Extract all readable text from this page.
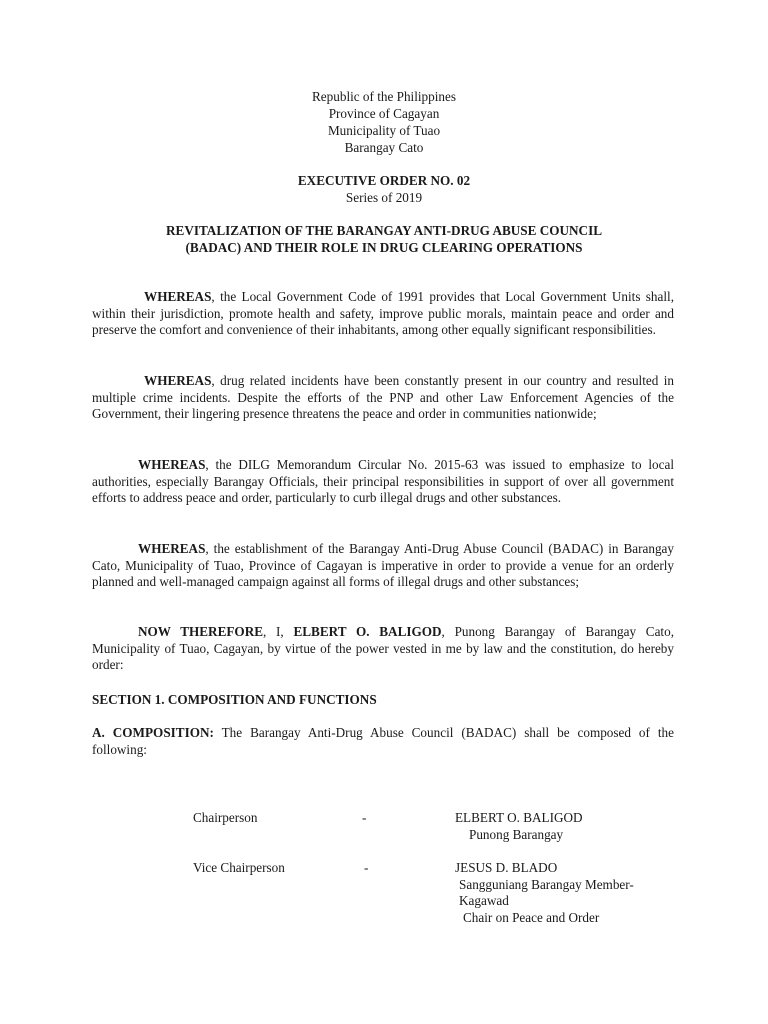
Republic of the Philippines
Province of Cagayan
Municipality of Tuao
Barangay Cato
EXECUTIVE ORDER NO. 02
Series of 2019
REVITALIZATION OF THE BARANGAY ANTI-DRUG ABUSE COUNCIL
(BADAC) AND THEIR ROLE IN DRUG CLEARING OPERATIONS

WHEREAS, the Local Government Code of 1991 provides that Local Government Units shall, within their jurisdiction, promote health and safety, improve public morals, maintain peace and order and preserve the comfort and convenience of their inhabitants, among other equally significant responsibilities.

WHEREAS, drug related incidents have been constantly present in our country and resulted in multiple crime incidents. Despite the efforts of the PNP and other Law Enforcement Agencies of the Government, their lingering presence threatens the peace and order in communities nationwide;

WHEREAS, the DILG Memorandum Circular No. 2015-63 was issued to emphasize to local authorities, especially Barangay Officials, their principal responsibilities in support of over all government efforts to address peace and order, particularly to curb illegal drugs and other substances.

WHEREAS, the establishment of the Barangay Anti-Drug Abuse Council (BADAC) in Barangay Cato, Municipality of Tuao, Province of Cagayan is imperative in order to provide a venue for an orderly planned and well-managed campaign against all forms of illegal drugs and other substances;

NOW THEREFORE, I, ELBERT O. BALIGOD, Punong Barangay of Barangay Cato, Municipality of Tuao, Cagayan, by virtue of the power vested in me by law and the constitution, do hereby order:

SECTION 1. COMPOSITION AND FUNCTIONS

A. COMPOSITION: The Barangay Anti-Drug Abuse Council (BADAC) shall be composed of the following:

Chairperson	-	ELBERT O. BALIGOD
Punong Barangay
Vice Chairperson	-	JESUS D. BLADO
Sangguniang Barangay Member-
Kagawad
Chair on Peace and Order
